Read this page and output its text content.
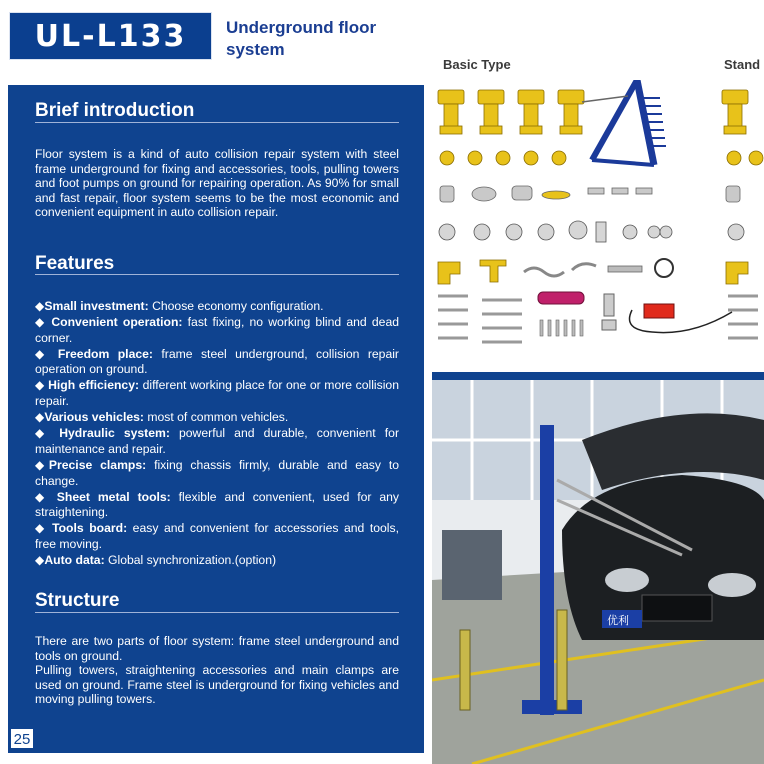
UL-L133	Underground floor
system
Basic Type	Stand
Brief introduction
Floor system is a kind of auto collision repair system with steel frame underground for fixing and accessories, tools, pulling towers and foot pumps on ground for repairing operation. As 90% for small and fast repair, floor system seems to be the most economic and convenient equipment in auto collision repair.
Features
◆Small investment: Choose economy configuration.
◆ Convenient operation: fast fixing, no working blind and dead corner.
◆ Freedom place: frame steel underground, collision repair operation on ground.
◆ High efficiency: different working place for one or more collision repair.
◆Various vehicles: most of common vehicles.
◆ Hydraulic system: powerful and durable, convenient for maintenance and repair.
◆Precise clamps: fixing chassis firmly, durable and easy to change.
◆ Sheet metal tools: flexible and convenient, used for any straightening.
◆ Tools board: easy and convenient for accessories and tools, free moving.
◆Auto data: Global synchronization.(option)
Structure
There are two parts of floor system: frame steel underground and tools on ground.
Pulling towers, straightening accessories and main clamps are used on ground. Frame steel is underground for fixing vehicles and moving pulling towers.
25
优利
